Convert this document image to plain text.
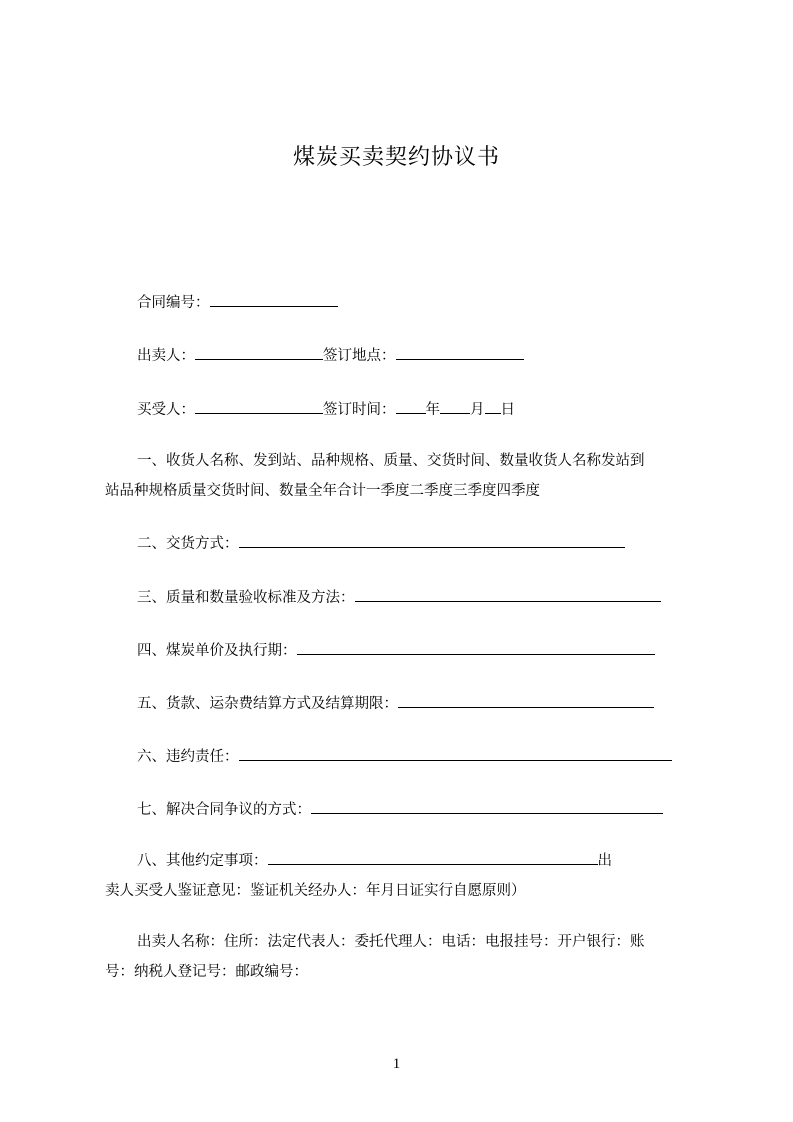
煤炭买卖契约协议书
合同编号：
出卖人：	签订地点：
买受人：	签订时间： 年 月 日
一、收货人名称、发到站、品种规格、质量、交货时间、数量收货人名称发站到
站品种规格质量交货时间、数量全年合计一季度二季度三季度四季度
二、交货方式：
三、质量和数量验收标准及方法：
四、煤炭单价及执行期：
五、货款、运杂费结算方式及结算期限：
六、违约责任：
七、解决合同争议的方式：
八、其他约定事项：	出
卖人买受人鉴证意见：鉴证机关经办人：年月日证实行自愿原则）
出卖人名称：住所：法定代表人：委托代理人：电话：电报挂号：开户银行：账
号：纳税人登记号：邮政编号：
1
